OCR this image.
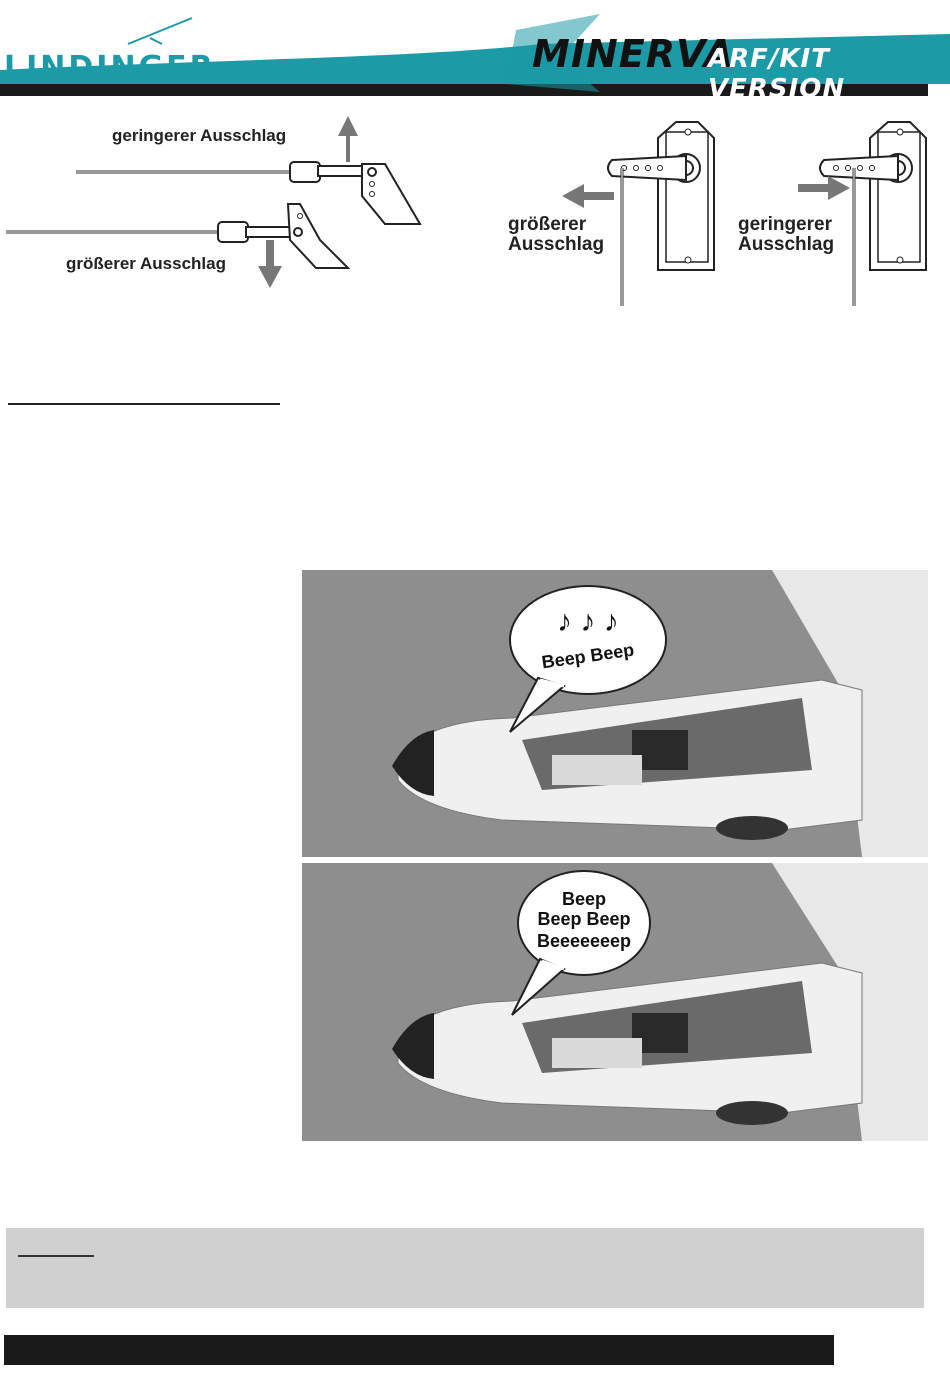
LINDINGER	MINERVA
ARF/KIT VERSION
geringerer Ausschlag
größerer Ausschlag
größerer
Ausschlag
geringerer
Ausschlag
♪ ♪ ♪
Beep Beep
Beep
Beep Beep
Beeeeeeep
